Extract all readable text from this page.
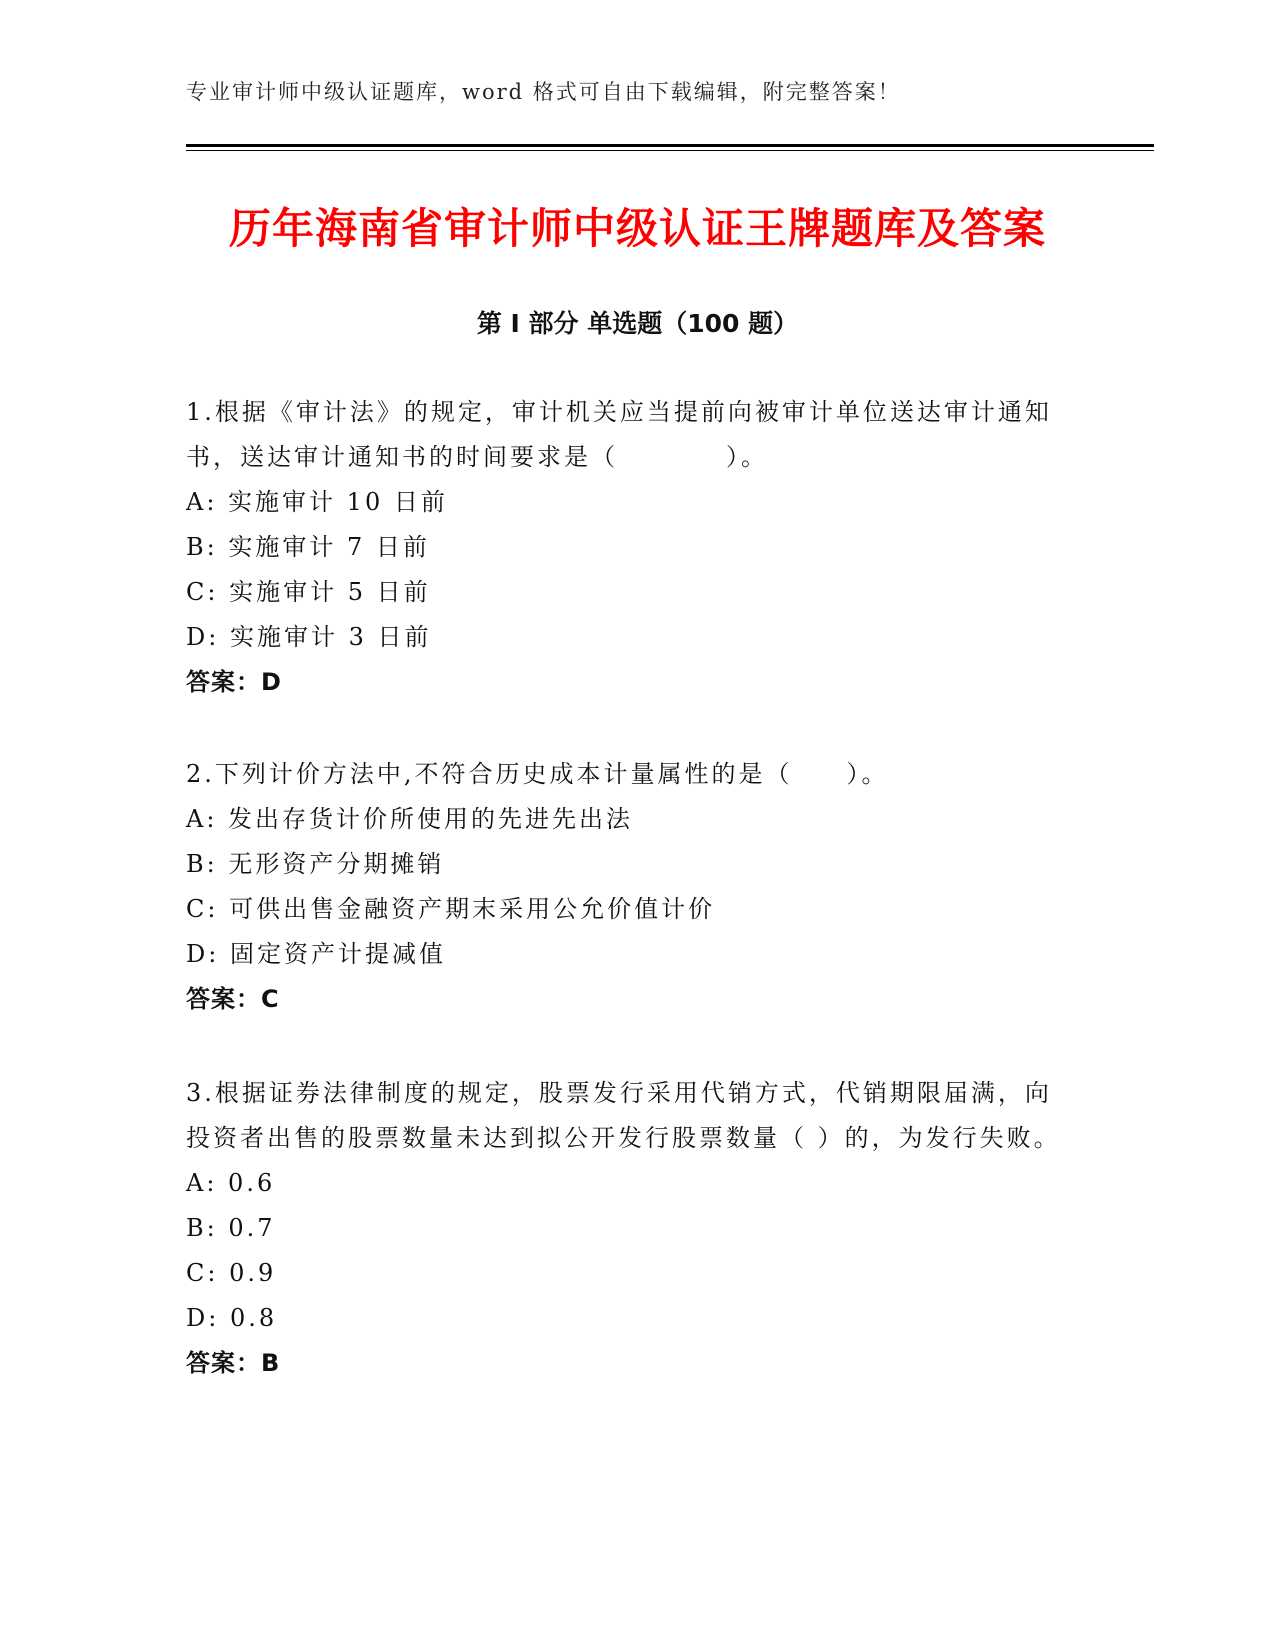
专业审计师中级认证题库，word 格式可自由下载编辑，附完整答案！
历年海南省审计师中级认证王牌题库及答案
第 I 部分 单选题（100 题）
1.根据《审计法》的规定，审计机关应当提前向被审计单位送达审计通知书，送达审计通知书的时间要求是（　　　　）。
A: 实施审计 10 日前
B: 实施审计 7 日前
C: 实施审计 5 日前
D: 实施审计 3 日前
答案：D
2.下列计价方法中,不符合历史成本计量属性的是（　　）。
A: 发出存货计价所使用的先进先出法
B: 无形资产分期摊销
C: 可供出售金融资产期末采用公允价值计价
D: 固定资产计提减值
答案：C
3.根据证券法律制度的规定，股票发行采用代销方式，代销期限届满，向投资者出售的股票数量未达到拟公开发行股票数量（ ）的，为发行失败。
A: 0.6
B: 0.7
C: 0.9
D: 0.8
答案：B
